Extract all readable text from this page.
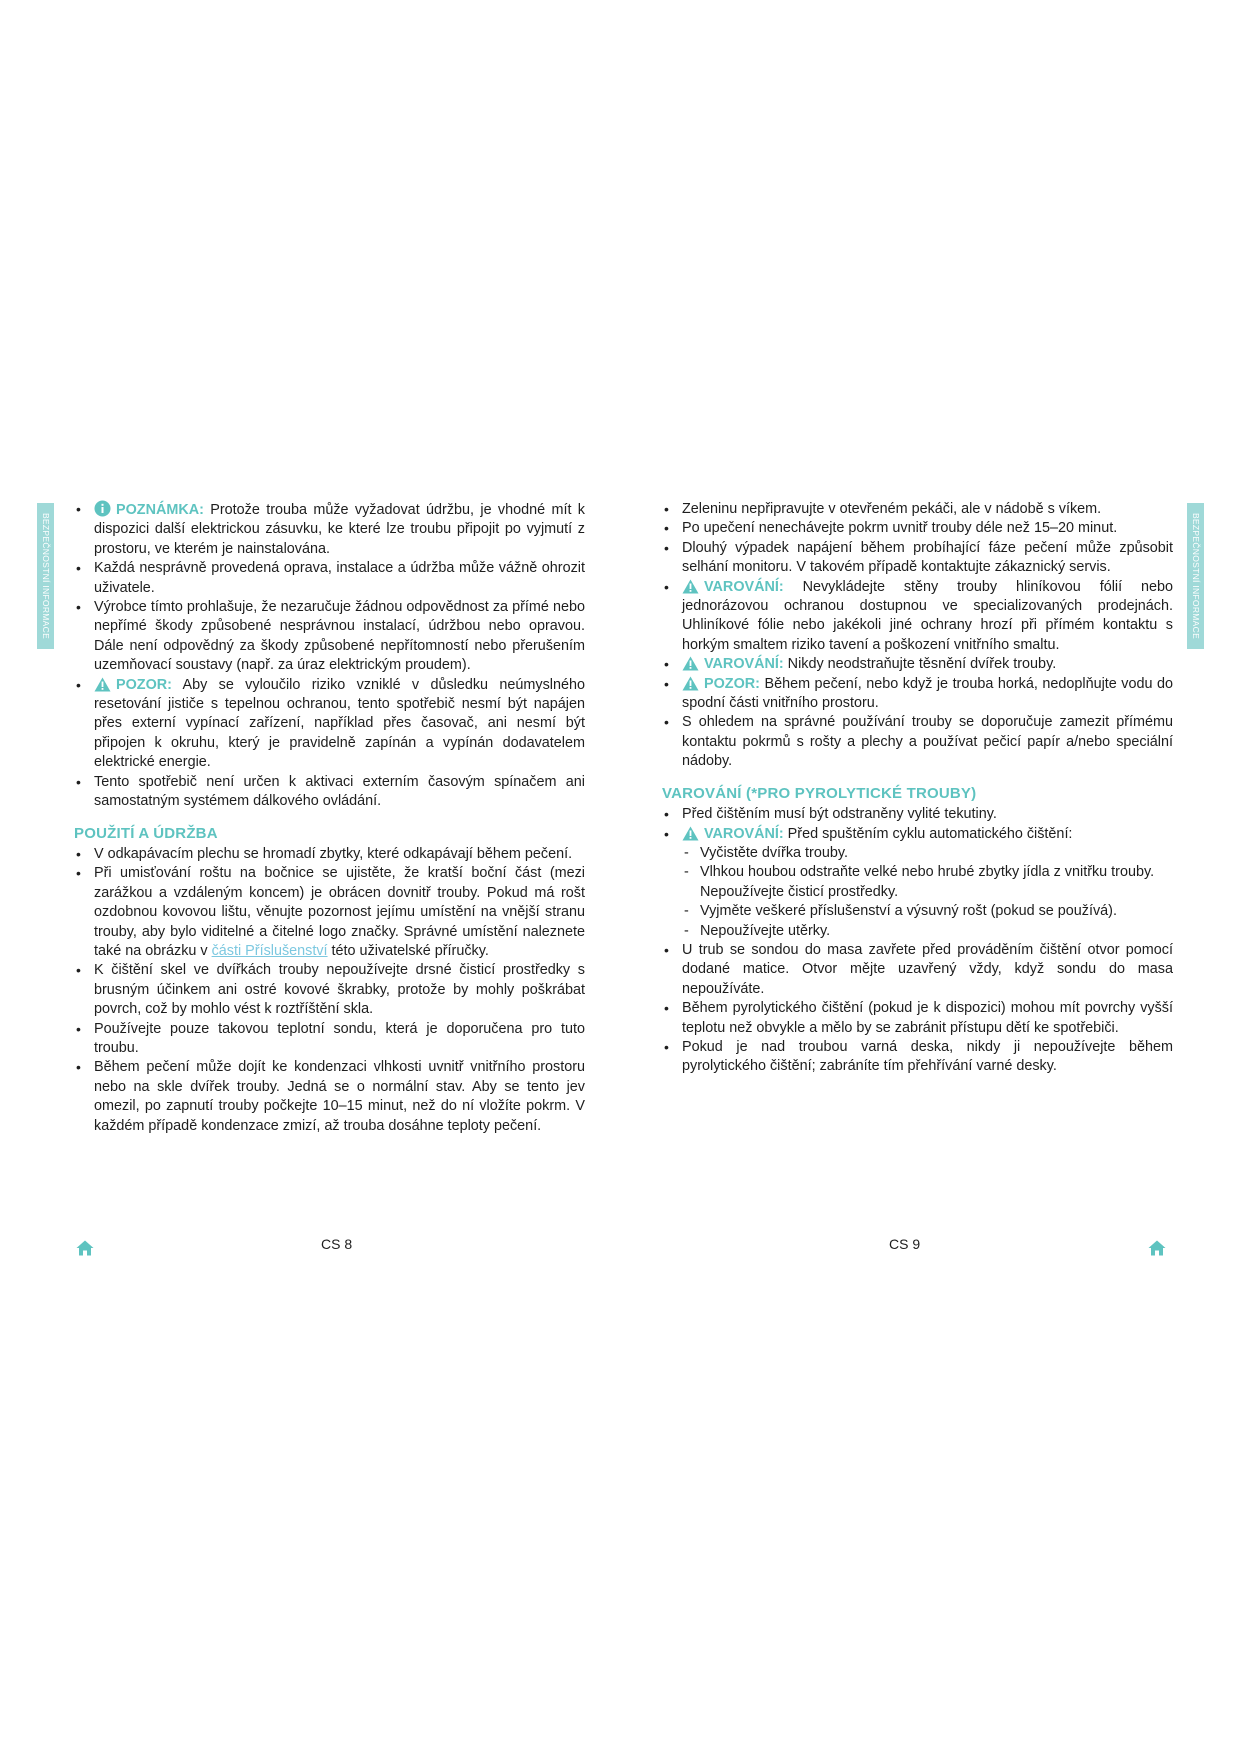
BEZPEČNOSTNÍ INFORMACE	BEZPEČNOSTNÍ INFORMACE
• POZNÁMKA: Protože trouba může vyžadovat údržbu, je vhodné mít k dispozici další elektrickou zásuvku, ke které lze troubu připojit po vyjmutí z prostoru, ve kterém je nainstalována.
• Každá nesprávně provedená oprava, instalace a údržba může vážně ohrozit uživatele.
• Výrobce tímto prohlašuje, že nezaručuje žádnou odpovědnost za přímé nebo nepřímé škody způsobené nesprávnou instalací, údržbou nebo opravou. Dále není odpovědný za škody způsobené nepřítomností nebo přerušením uzemňovací soustavy (např. za úraz elektrickým proudem).
• POZOR: Aby se vyloučilo riziko vzniklé v důsledku neúmyslného resetování jističe s tepelnou ochranou, tento spotřebič nesmí být napájen přes externí vypínací zařízení, například přes časovač, ani nesmí být připojen k okruhu, který je pravidelně zapínán a vypínán dodavatelem elektrické energie.
• Tento spotřebič není určen k aktivaci externím časovým spínačem ani samostatným systémem dálkového ovládání.
POUŽITÍ A ÚDRŽBA
• V odkapávacím plechu se hromadí zbytky, které odkapávají během pečení.
• Při umisťování roštu na bočnice se ujistěte, že kratší boční část (mezi zarážkou a vzdáleným koncem) je obrácen dovnitř trouby. Pokud má rošt ozdobnou kovovou lištu, věnujte pozornost jejímu umístění na vnější stranu trouby, aby bylo viditelné a čitelné logo značky. Správné umístění naleznete také na obrázku v části Příslušenství této uživatelské příručky.
• K čištění skel ve dvířkách trouby nepoužívejte drsné čisticí prostředky s brusným účinkem ani ostré kovové škrabky, protože by mohly poškrábat povrch, což by mohlo vést k roztříštění skla.
• Používejte pouze takovou teplotní sondu, která je doporučena pro tuto troubu.
• Během pečení může dojít ke kondenzaci vlhkosti uvnitř vnitřního prostoru nebo na skle dvířek trouby. Jedná se o normální stav. Aby se tento jev omezil, po zapnutí trouby počkejte 10–15 minut, než do ní vložíte pokrm. V každém případě kondenzace zmizí, až trouba dosáhne teploty pečení.
• Zeleninu nepřipravujte v otevřeném pekáči, ale v nádobě s víkem.
• Po upečení nenechávejte pokrm uvnitř trouby déle než 15–20 minut.
• Dlouhý výpadek napájení během probíhající fáze pečení může způsobit selhání monitoru. V takovém případě kontaktujte zákaznický servis.
• VAROVÁNÍ: Nevykládejte stěny trouby hliníkovou fólií nebo jednorázovou ochranou dostupnou ve specializovaných prodejnách. Uhliníkové fólie nebo jakékoli jiné ochrany hrozí při přímém kontaktu s horkým smaltem riziko tavení a poškození vnitřního smaltu.
• VAROVÁNÍ: Nikdy neodstraňujte těsnění dvířek trouby.
• POZOR: Během pečení, nebo když je trouba horká, nedoplňujte vodu do spodní části vnitřního prostoru.
• S ohledem na správné používání trouby se doporučuje zamezit přímému kontaktu pokrmů s rošty a plechy a používat pečicí papír a/nebo speciální nádoby.
VAROVÁNÍ (*PRO PYROLYTICKÉ TROUBY)
• Před čištěním musí být odstraněny vylité tekutiny.
• VAROVÁNÍ: Před spuštěním cyklu automatického čištění:
- Vyčistěte dvířka trouby.
- Vlhkou houbou odstraňte velké nebo hrubé zbytky jídla z vnitřku trouby. Nepoužívejte čisticí prostředky.
- Vyjměte veškeré příslušenství a výsuvný rošt (pokud se používá).
- Nepoužívejte utěrky.
• U trub se sondou do masa zavřete před prováděním čištění otvor pomocí dodané matice. Otvor mějte uzavřený vždy, když sondu do masa nepoužíváte.
• Během pyrolytického čištění (pokud je k dispozici) mohou mít povrchy vyšší teplotu než obvykle a mělo by se zabránit přístupu dětí ke spotřebiči.
• Pokud je nad troubou varná deska, nikdy ji nepoužívejte během pyrolytického čištění; zabráníte tím přehřívání varné desky.
CS 8	CS 9
